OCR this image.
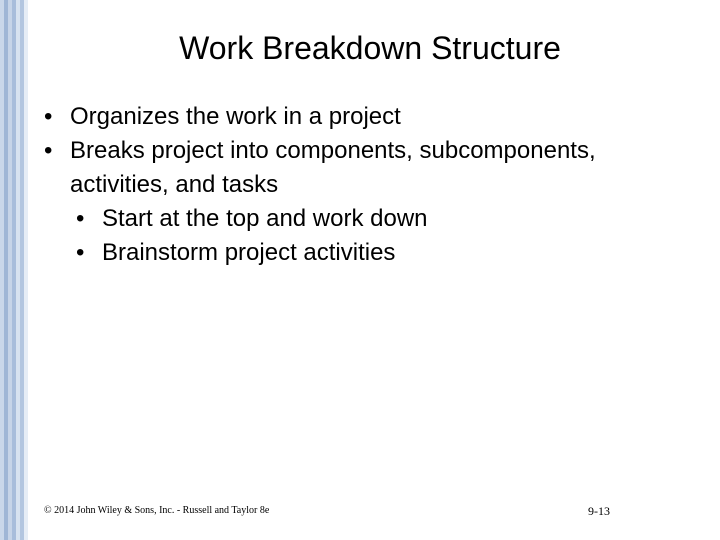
Work Breakdown Structure
• Organizes the work in a project
• Breaks project into components, subcomponents, activities, and tasks
• Start at the top and work down
• Brainstorm project activities
© 2014 John Wiley & Sons, Inc. - Russell and Taylor 8e	9-13
